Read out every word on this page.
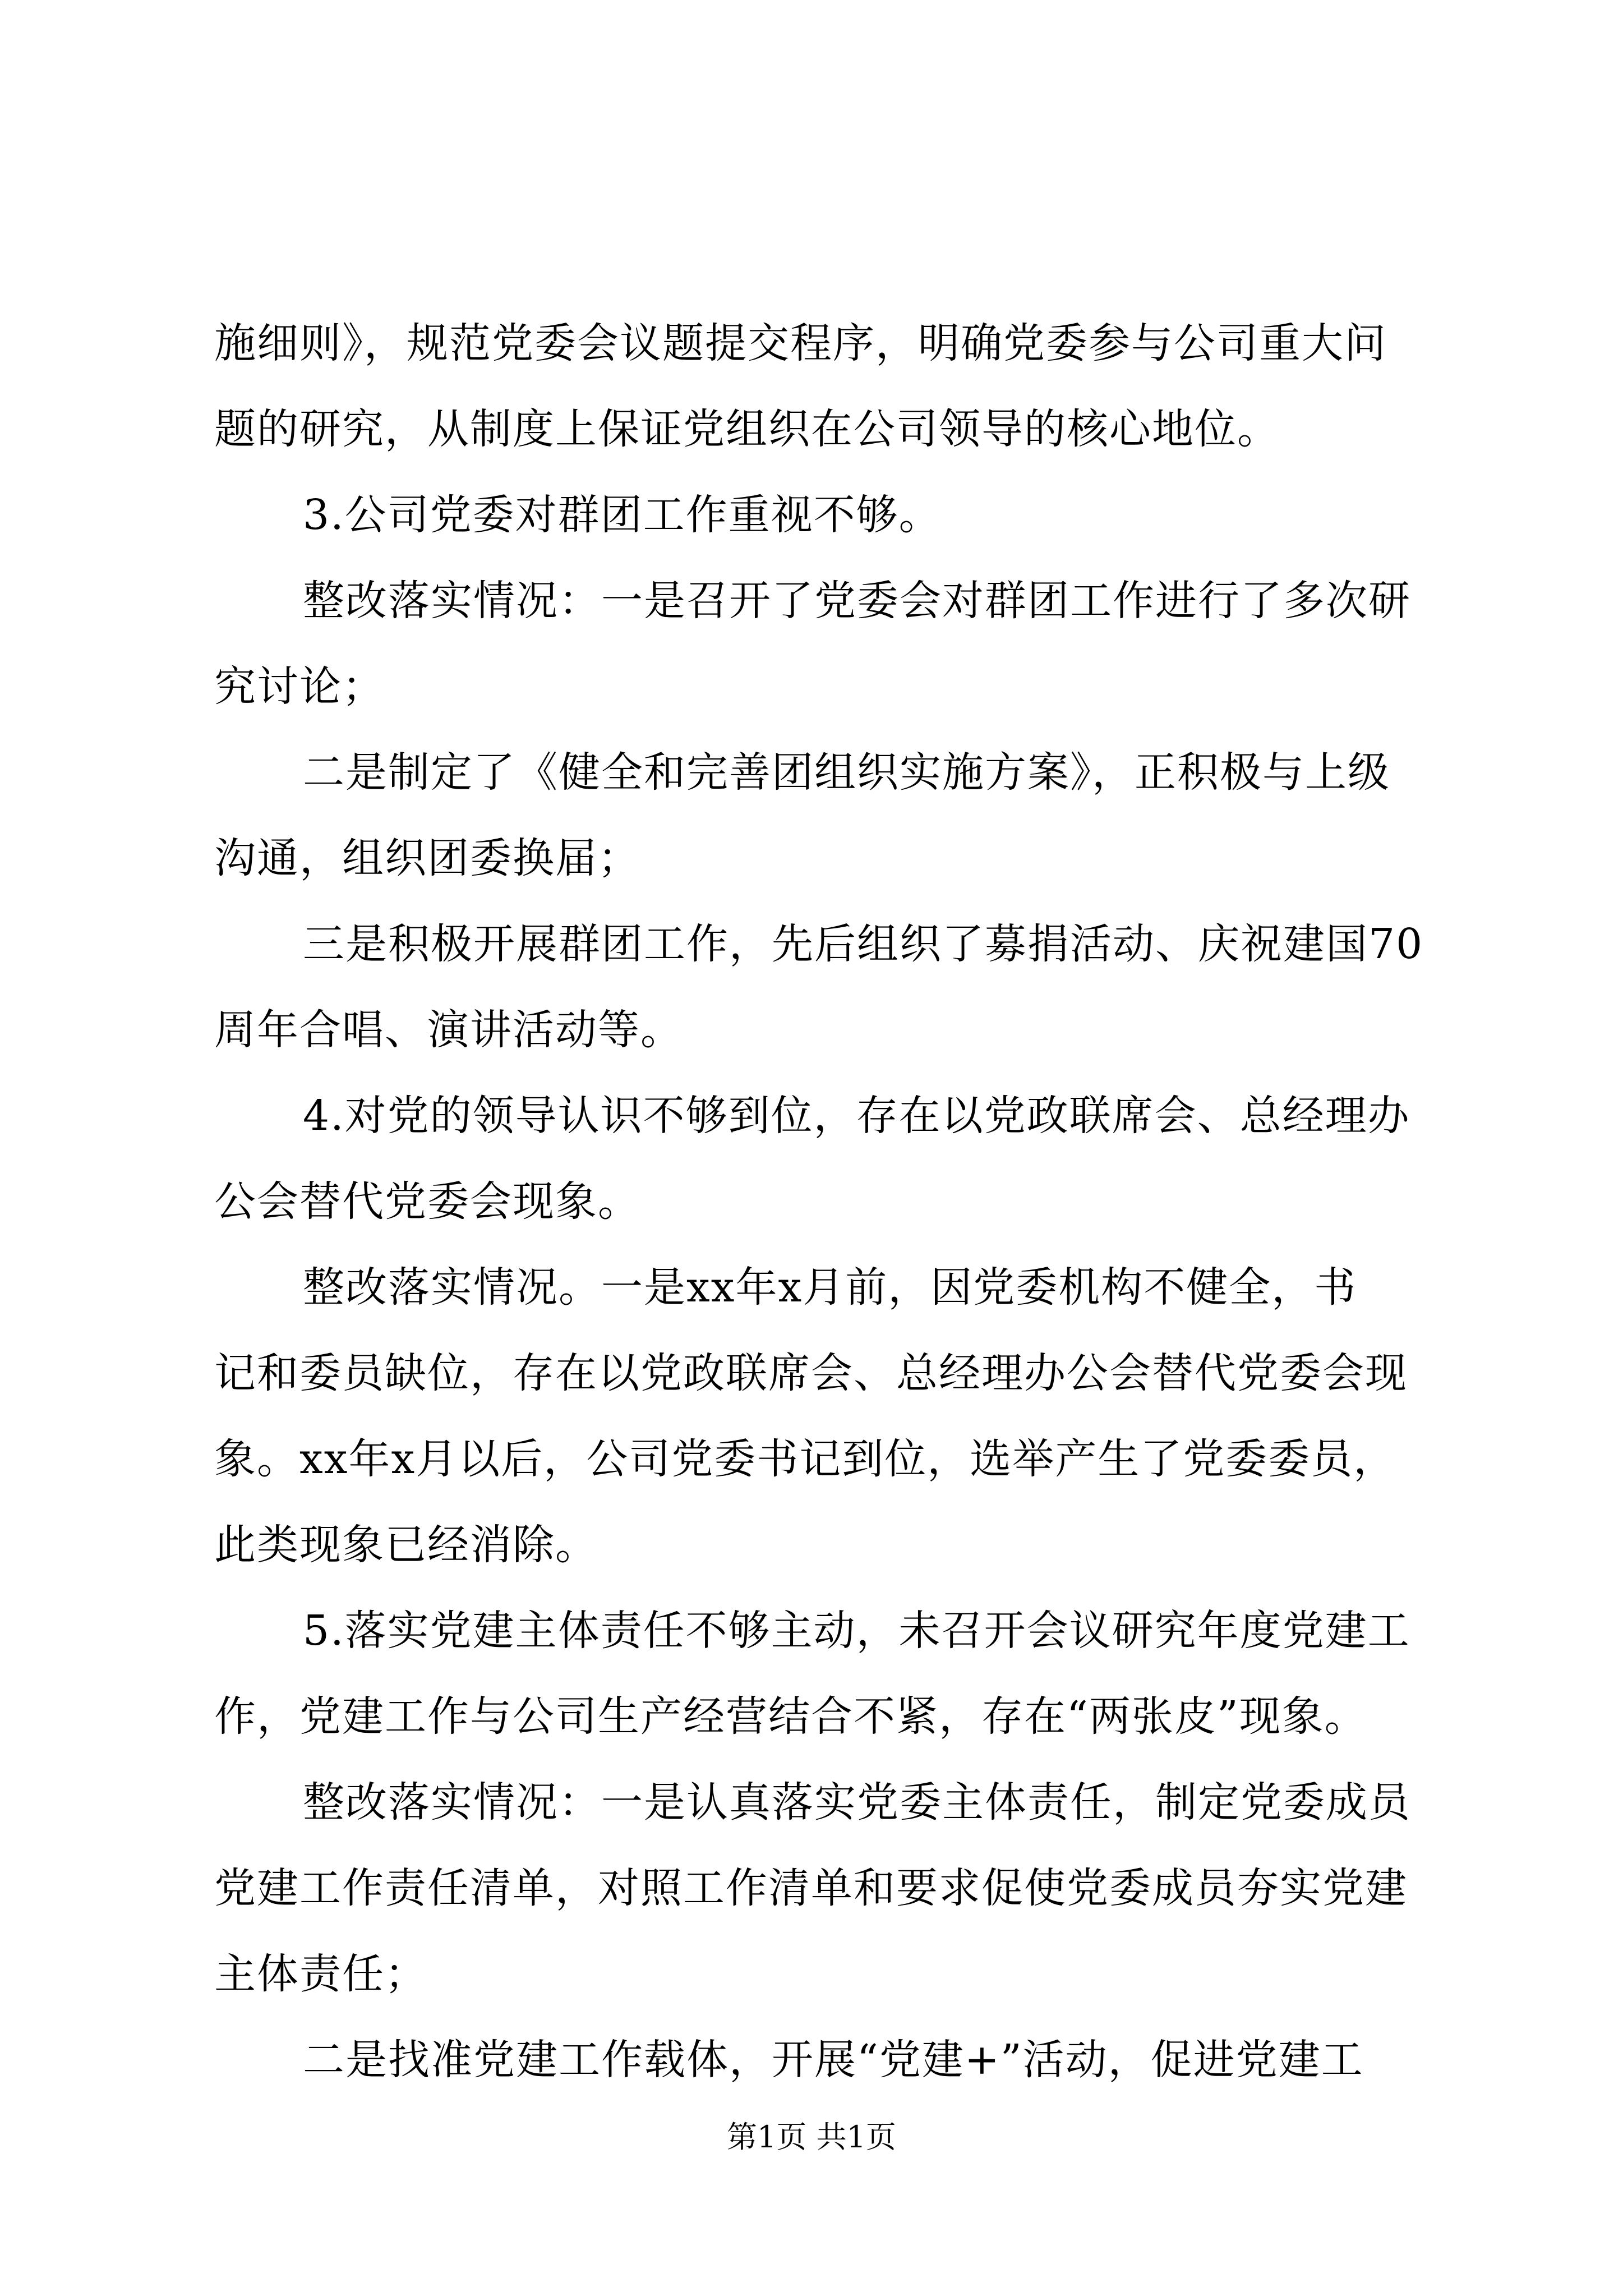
施细则》，规范党委会议题提交程序，明确党委参与公司重大问
题的研究，从制度上保证党组织在公司领导的核心地位。
3.公司党委对群团工作重视不够。
整改落实情况：一是召开了党委会对群团工作进行了多次研
究讨论；
二是制定了《健全和完善团组织实施方案》，正积极与上级
沟通，组织团委换届；
三是积极开展群团工作，先后组织了募捐活动、庆祝建国70
周年合唱、演讲活动等。
4.对党的领导认识不够到位，存在以党政联席会、总经理办
公会替代党委会现象。
整改落实情况。一是xx年x月前，因党委机构不健全，书
记和委员缺位，存在以党政联席会、总经理办公会替代党委会现
象。xx年x月以后，公司党委书记到位，选举产生了党委委员，
此类现象已经消除。
5.落实党建主体责任不够主动，未召开会议研究年度党建工
作，党建工作与公司生产经营结合不紧，存在“两张皮”现象。
整改落实情况：一是认真落实党委主体责任，制定党委成员
党建工作责任清单，对照工作清单和要求促使党委成员夯实党建
主体责任；
二是找准党建工作载体，开展“党建+”活动，促进党建工
第1页 共1页
